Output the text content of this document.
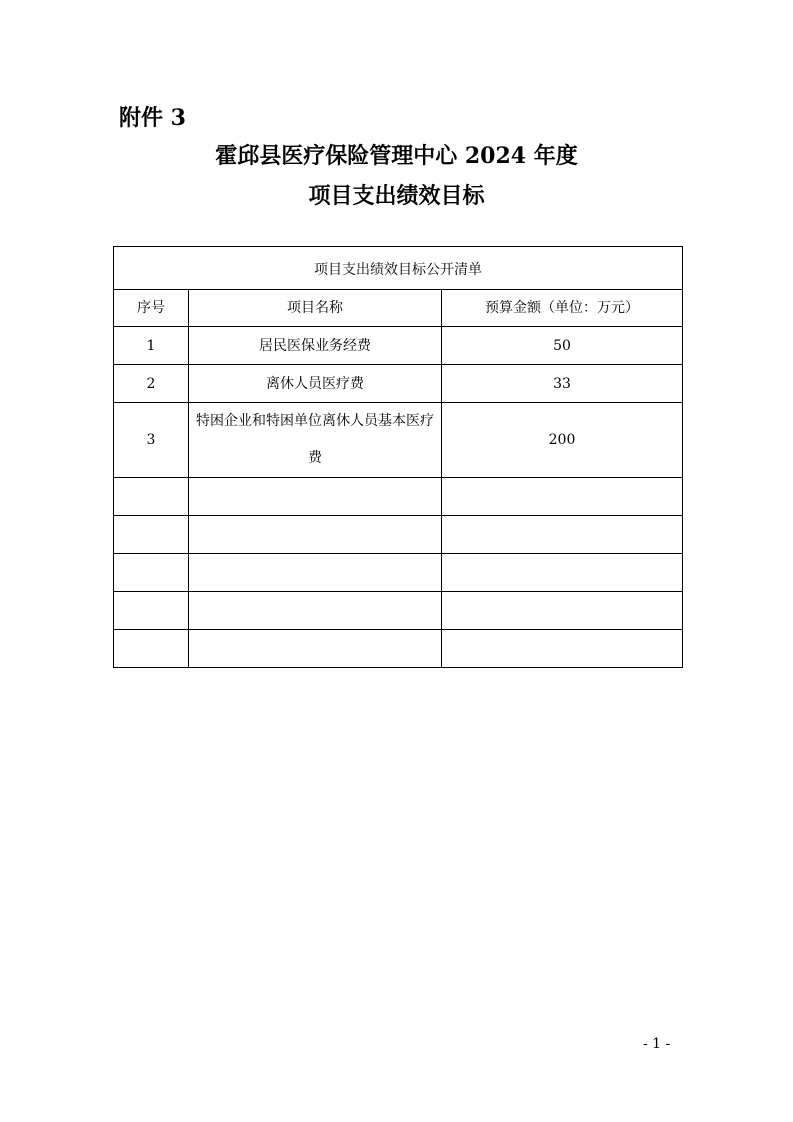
附件 3
霍邱县医疗保险管理中心 2024 年度
项目支出绩效目标
项目支出绩效目标公开清单		
序号	项目名称	预算金额（单位：万元）
1	居民医保业务经费	50
2	离休人员医疗费	33
3	特困企业和特困单位离休人员基本医疗费	200

- 1 -
